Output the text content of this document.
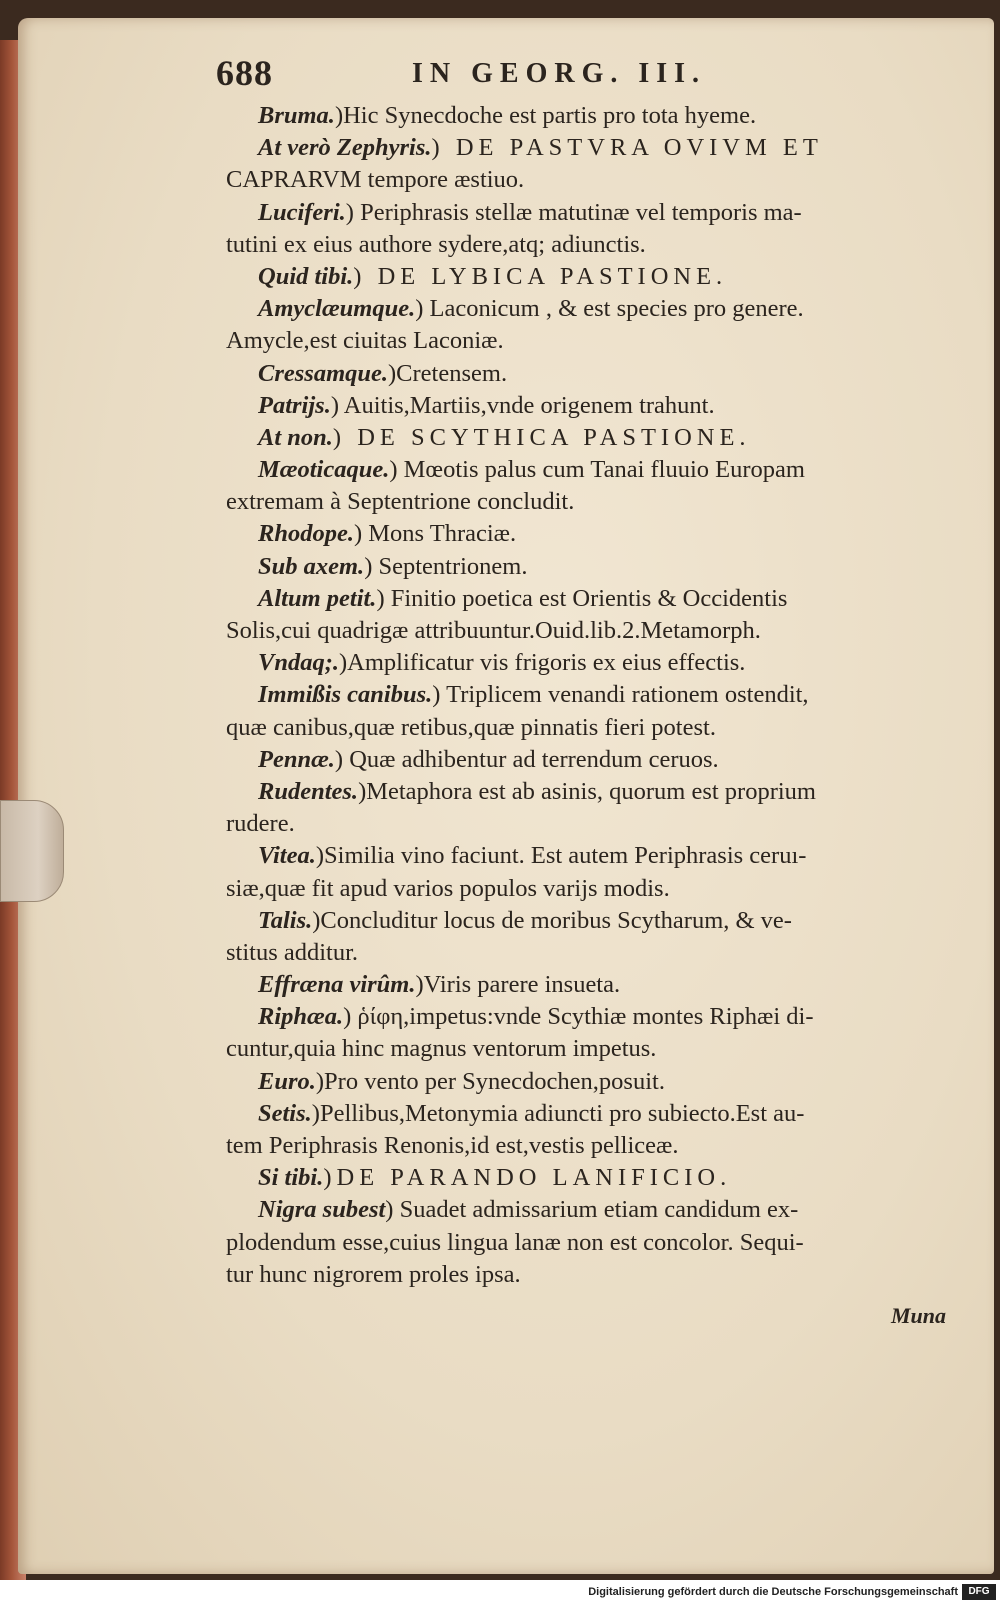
688	IN GEORG. III.
Bruma.)Hic Synecdoche est partis pro tota hyeme.
At verò Zephyris.) DE PASTVRA OVIVM ET
CAPRARVM tempore æstiuo.
Luciferi.) Periphrasis stellæ matutinæ vel temporis ma-
tutini ex eius authore sydere,atq; adiunctis.
Quid tibi.) DE LYBICA PASTIONE.
Amyclæumque.) Laconicum , & est species pro genere.
Amycle,est ciuitas Laconiæ.
Cressamque.)Cretensem.
Patrijs.) Auitis,Martiis,vnde origenem trahunt.
At non.) DE SCYTHICA PASTIONE.
Mæoticaque.) Mœotis palus cum Tanai fluuio Europam
extremam à Septentrione concludit.
Rhodope.) Mons Thraciæ.
Sub axem.) Septentrionem.
Altum petit.) Finitio poetica est Orientis & Occidentis
Solis,cui quadrigæ attribuuntur.Ouid.lib.2.Metamorph.
Vndaq;.)Amplificatur vis frigoris ex eius effectis.
Immißis canibus.) Triplicem venandi rationem ostendit,
quæ canibus,quæ retibus,quæ pinnatis fieri potest.
Pennæ.) Quæ adhibentur ad terrendum ceruos.
Rudentes.)Metaphora est ab asinis, quorum est proprium
rudere.
Vitea.)Similia vino faciunt. Est autem Periphrasis ceruı-
siæ,quæ fit apud varios populos varijs modis.
Talis.)Concluditur locus de moribus Scytharum, & ve-
stitus additur.
Effræna virûm.)Viris parere insueta.
Riphæa.) ῥίφη,impetus:vnde Scythiæ montes Riphæi di-
cuntur,quia hinc magnus ventorum impetus.
Euro.)Pro vento per Synecdochen,posuit.
Setis.)Pellibus,Metonymia adiuncti pro subiecto.Est au-
tem Periphrasis Renonis,id est,vestis pelliceæ.
Si tibi.)DE PARANDO LANIFICIO.
Nigra subest) Suadet admissarium etiam candidum ex-
plodendum esse,cuius lingua lanæ non est concolor. Sequi-
tur hunc nigrorem proles ipsa.
Muna
Digitalisierung gefördert durch die Deutsche Forschungsgemeinschaft	DFG
